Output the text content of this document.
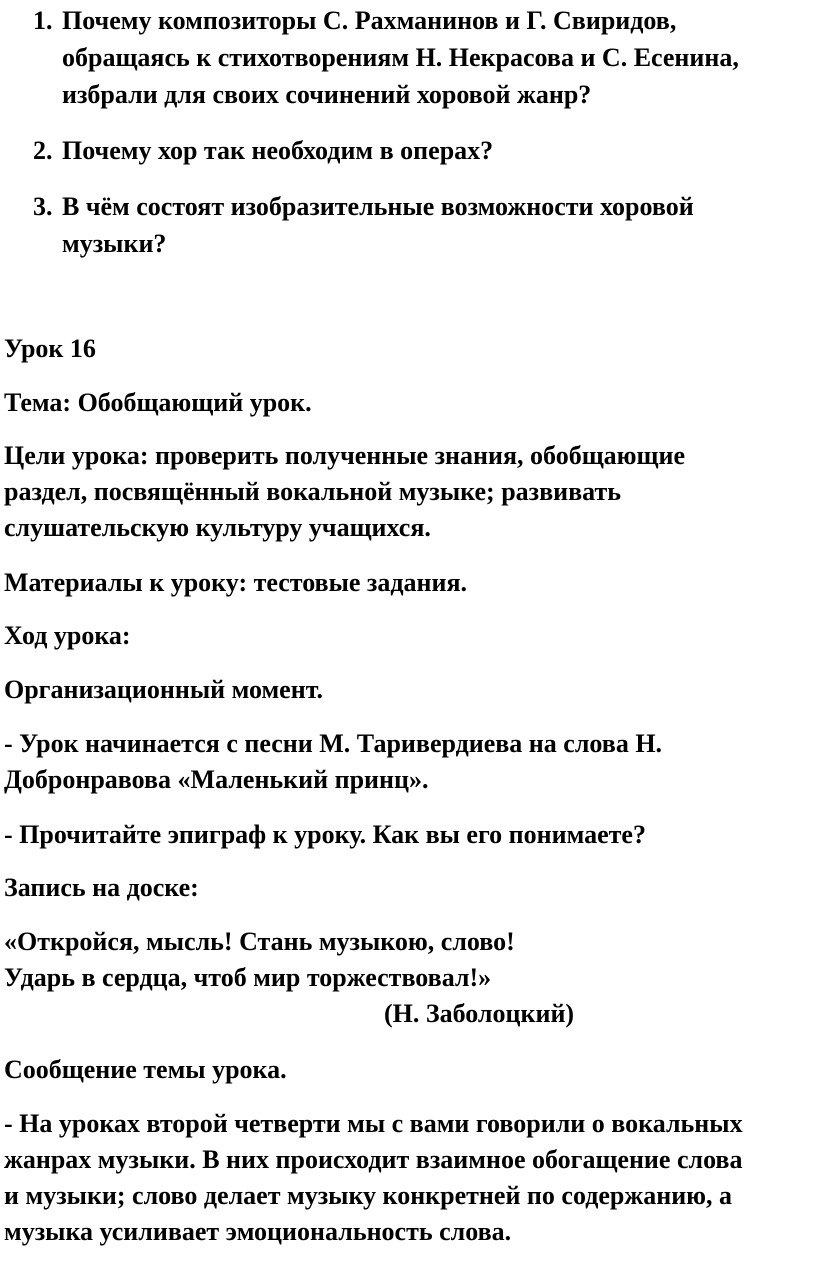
1. Почему композиторы С. Рахманинов и Г. Свиридов,
обращаясь к стихотворениям Н. Некрасова и С. Есенина,
избрали для своих сочинений хоровой жанр?
2. Почему хор так необходим в операх?
3. В чём состоят изобразительные возможности хоровой
музыки?
Урок 16
Тема: Обобщающий урок.
Цели урока: проверить полученные знания, обобщающие
раздел, посвящённый вокальной музыке; развивать
слушательскую культуру учащихся.
Материалы к уроку: тестовые задания.
Ход урока:
Организационный момент.
- Урок начинается с песни М. Таривердиева на слова Н.
Добронравова «Маленький принц».
- Прочитайте эпиграф к уроку. Как вы его понимаете?
Запись на доске:
«Откройся, мысль! Стань музыкою, слово!
Ударь в сердца, чтоб мир торжествовал!»
(Н. Заболоцкий)
Сообщение темы урока.
- На уроках второй четверти мы с вами говорили о вокальных
жанрах музыки. В них происходит взаимное обогащение слова
и музыки; слово делает музыку конкретней по содержанию, а
музыка усиливает эмоциональность слова.
